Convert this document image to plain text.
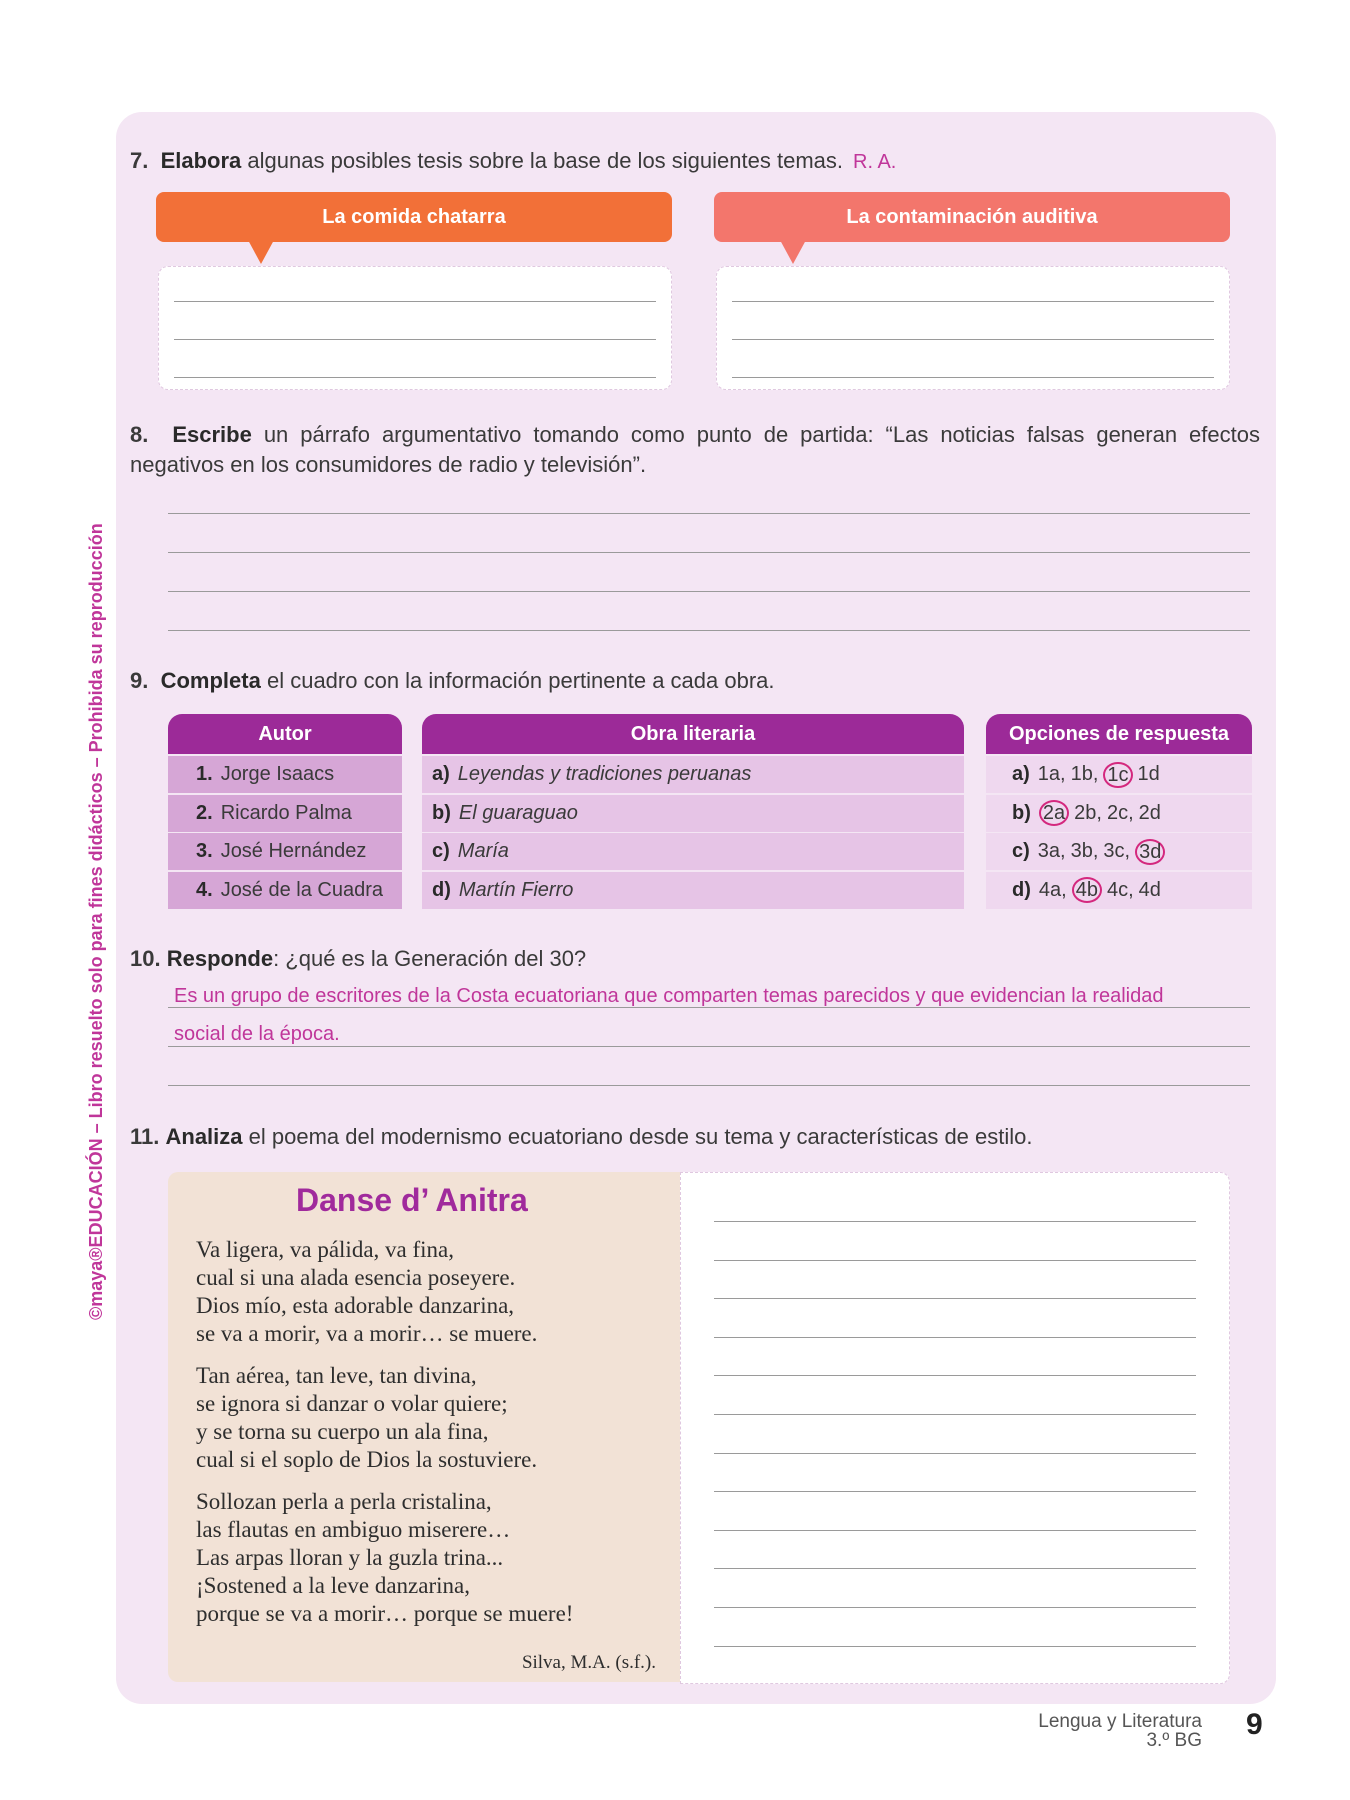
©maya®EDUCACIÓN – Libro resuelto solo para fines didácticos – Prohibida su reproducción
7. Elabora algunas posibles tesis sobre la base de los siguientes temas. R. A.
La comida chatarra	La contaminación auditiva
8. Escribe un párrafo argumentativo tomando como punto de partida: “Las noticias falsas generan efectos negativos en los consumidores de radio y televisión”.
9. Completa el cuadro con la información pertinente a cada obra.
Autor	Obra literaria	Opciones de respuesta
1. Jorge Isaacs	a) Leyendas y tradiciones peruanas	a) 1a, 1b, 1c 1d
2. Ricardo Palma	b) El guaraguao	b) 2a 2b, 2c, 2d
3. José Hernández	c) María	c) 3a, 3b, 3c, 3d
4. José de la Cuadra d) Martín Fierro	d) 4a, 4b 4c, 4d
10. Responde: ¿qué es la Generación del 30?
Es un grupo de escritores de la Costa ecuatoriana que comparten temas parecidos y que evidencian la realidad
social de la época.
11. Analiza el poema del modernismo ecuatoriano desde su tema y características de estilo.
Danse d’ Anitra
Va ligera, va pálida, va fina,
cual si una alada esencia poseyere.
Dios mío, esta adorable danzarina,
se va a morir, va a morir… se muere.
Tan aérea, tan leve, tan divina,
se ignora si danzar o volar quiere;
y se torna su cuerpo un ala fina,
cual si el soplo de Dios la sostuviere.
Sollozan perla a perla cristalina,
las flautas en ambiguo miserere…
Las arpas lloran y la guzla trina...
¡Sostened a la leve danzarina,
porque se va a morir… porque se muere!
Silva, M.A. (s.f.).
Lengua y Literatura
3.º BG 9
